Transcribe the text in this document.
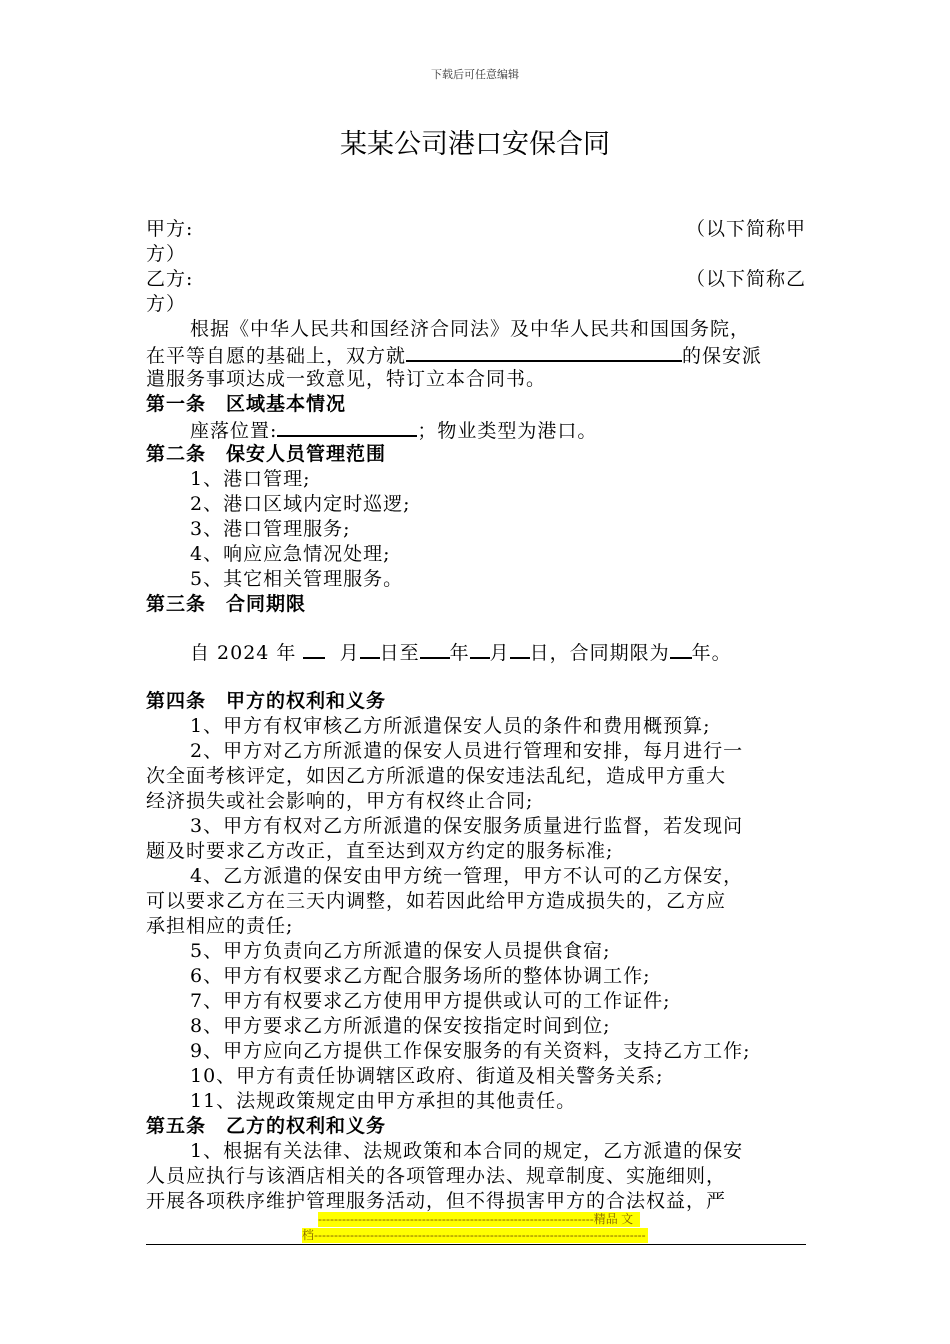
下载后可任意编辑
某某公司港口安保合同
甲方:	（以下简称甲
方）
乙方:	（以下简称乙
方）
根据《中华人民共和国经济合同法》及中华人民共和国国务院，
在平等自愿的基础上，双方就	的保安派
遣服务事项达成一致意见，特订立本合同书。
第一条　区域基本情况
座落位置:	；物业类型为港口。
第二条　保安人员管理范围
1、港口管理;
2、港口区域内定时巡逻;
3、港口管理服务;
4、响应应急情况处理;
5、其它相关管理服务。
第三条　合同期限
自 2024 年   月 日至 年 月 日，合同期限为 年。
第四条　甲方的权利和义务
1、甲方有权审核乙方所派遣保安人员的条件和费用概预算;
2、甲方对乙方所派遣的保安人员进行管理和安排，每月进行一
次全面考核评定，如因乙方所派遣的保安违法乱纪，造成甲方重大
经济损失或社会影响的，甲方有权终止合同;
3、甲方有权对乙方所派遣的保安服务质量进行监督，若发现问
题及时要求乙方改正，直至达到双方约定的服务标准;
4、乙方派遣的保安由甲方统一管理，甲方不认可的乙方保安，
可以要求乙方在三天内调整，如若因此给甲方造成损失的，乙方应
承担相应的责任;
5、甲方负责向乙方所派遣的保安人员提供食宿;
6、甲方有权要求乙方配合服务场所的整体协调工作;
7、甲方有权要求乙方使用甲方提供或认可的工作证件;
8、甲方要求乙方所派遣的保安按指定时间到位;
9、甲方应向乙方提供工作保安服务的有关资料，支持乙方工作;
10、甲方有责任协调辖区政府、街道及相关警务关系;
11、法规政策规定由甲方承担的其他责任。
第五条　乙方的权利和义务
1、根据有关法律、法规政策和本合同的规定，乙方派遣的保安
人员应执行与该酒店相关的各项管理办法、规章制度、实施细则，
开展各项秩序维护管理服务活动，但不得损害甲方的合法权益，严
---------------------------------------------------------------------精品 文
档-----------------------------------------------------------------------------------
